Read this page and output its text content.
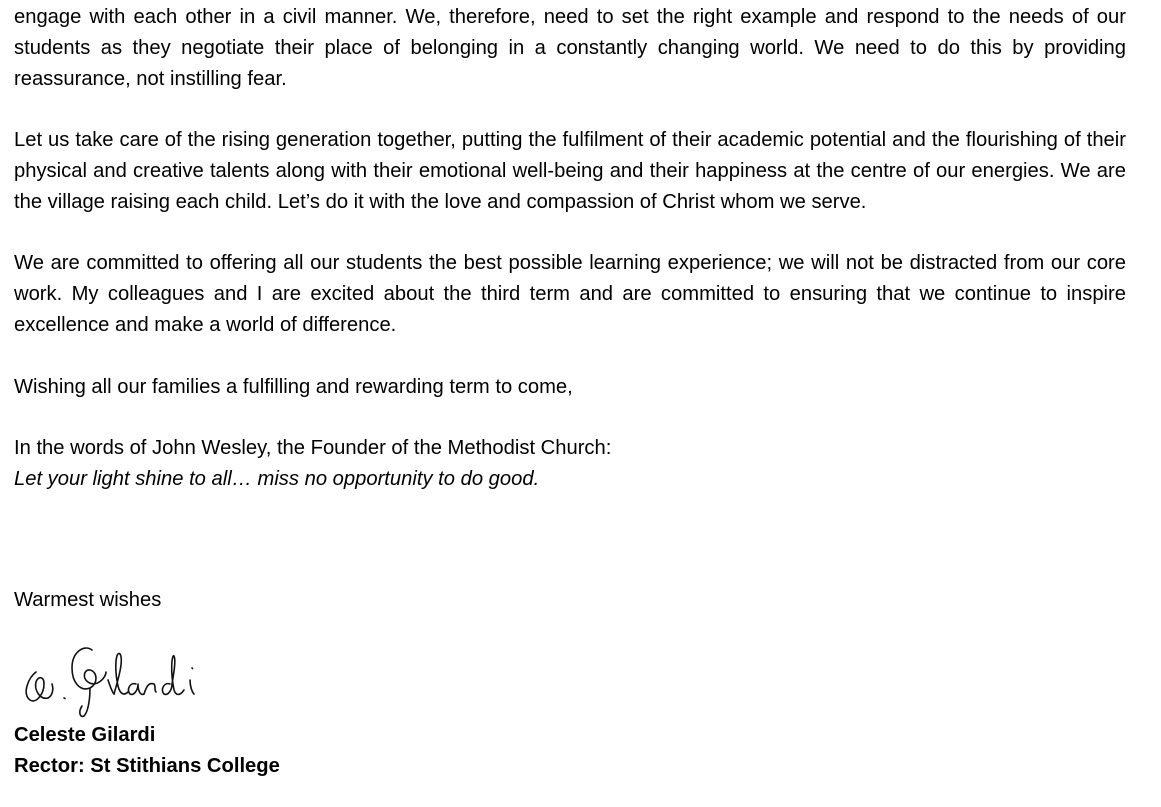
engage with each other in a civil manner. We, therefore, need to set the right example and respond to the needs of our students as they negotiate their place of belonging in a constantly changing world. We need to do this by providing reassurance, not instilling fear.

Let us take care of the rising generation together, putting the fulfilment of their academic potential and the flourishing of their physical and creative talents along with their emotional well-being and their happiness at the centre of our energies. We are the village raising each child. Let’s do it with the love and compassion of Christ whom we serve.

We are committed to offering all our students the best possible learning experience; we will not be distracted from our core work. My colleagues and I are excited about the third term and are committed to ensuring that we continue to inspire excellence and make a world of difference.

Wishing all our families a fulfilling and rewarding term to come,

In the words of John Wesley, the Founder of the Methodist Church:

Let your light shine to all… miss no opportunity to do good.

Warmest wishes

Celeste Gilardi

Rector: St Stithians College
